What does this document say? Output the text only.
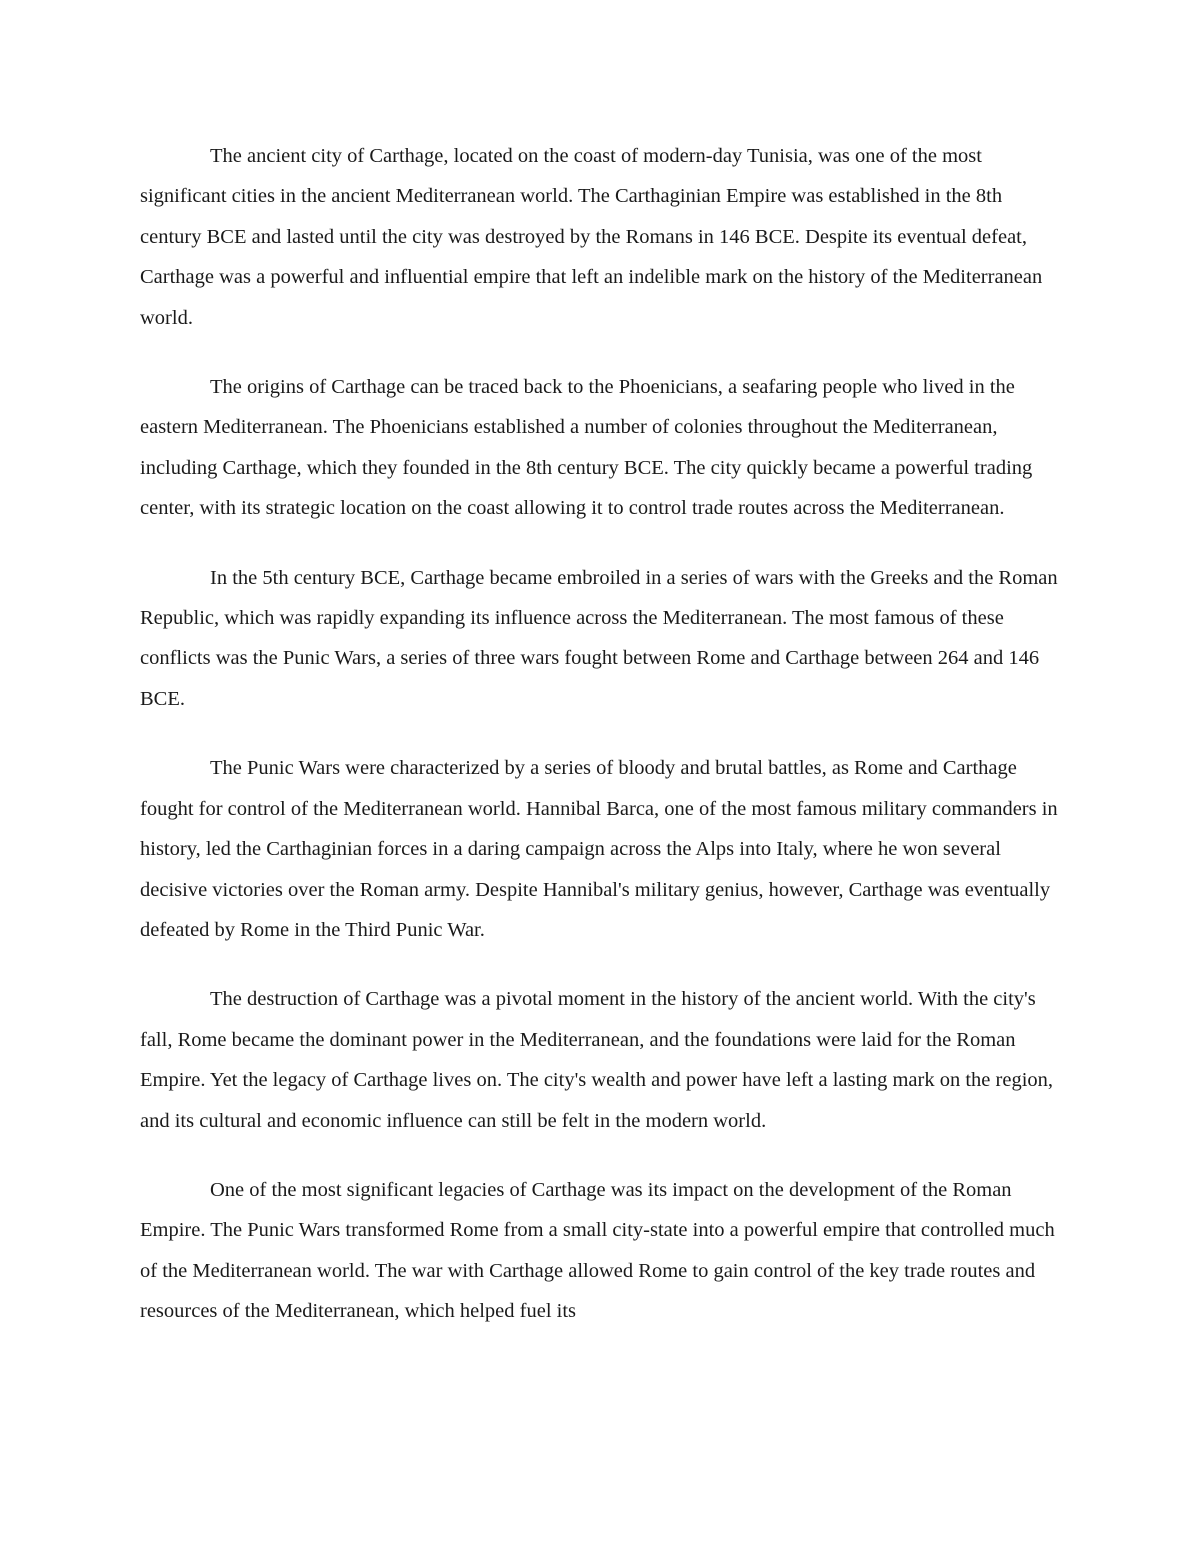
The ancient city of Carthage, located on the coast of modern-day Tunisia, was one of the most significant cities in the ancient Mediterranean world. The Carthaginian Empire was established in the 8th century BCE and lasted until the city was destroyed by the Romans in 146 BCE. Despite its eventual defeat, Carthage was a powerful and influential empire that left an indelible mark on the history of the Mediterranean world.

The origins of Carthage can be traced back to the Phoenicians, a seafaring people who lived in the eastern Mediterranean. The Phoenicians established a number of colonies throughout the Mediterranean, including Carthage, which they founded in the 8th century BCE. The city quickly became a powerful trading center, with its strategic location on the coast allowing it to control trade routes across the Mediterranean.

In the 5th century BCE, Carthage became embroiled in a series of wars with the Greeks and the Roman Republic, which was rapidly expanding its influence across the Mediterranean. The most famous of these conflicts was the Punic Wars, a series of three wars fought between Rome and Carthage between 264 and 146 BCE.

The Punic Wars were characterized by a series of bloody and brutal battles, as Rome and Carthage fought for control of the Mediterranean world. Hannibal Barca, one of the most famous military commanders in history, led the Carthaginian forces in a daring campaign across the Alps into Italy, where he won several decisive victories over the Roman army. Despite Hannibal's military genius, however, Carthage was eventually defeated by Rome in the Third Punic War.

The destruction of Carthage was a pivotal moment in the history of the ancient world. With the city's fall, Rome became the dominant power in the Mediterranean, and the foundations were laid for the Roman Empire. Yet the legacy of Carthage lives on. The city's wealth and power have left a lasting mark on the region, and its cultural and economic influence can still be felt in the modern world.

One of the most significant legacies of Carthage was its impact on the development of the Roman Empire. The Punic Wars transformed Rome from a small city-state into a powerful empire that controlled much of the Mediterranean world. The war with Carthage allowed Rome to gain control of the key trade routes and resources of the Mediterranean, which helped fuel its
